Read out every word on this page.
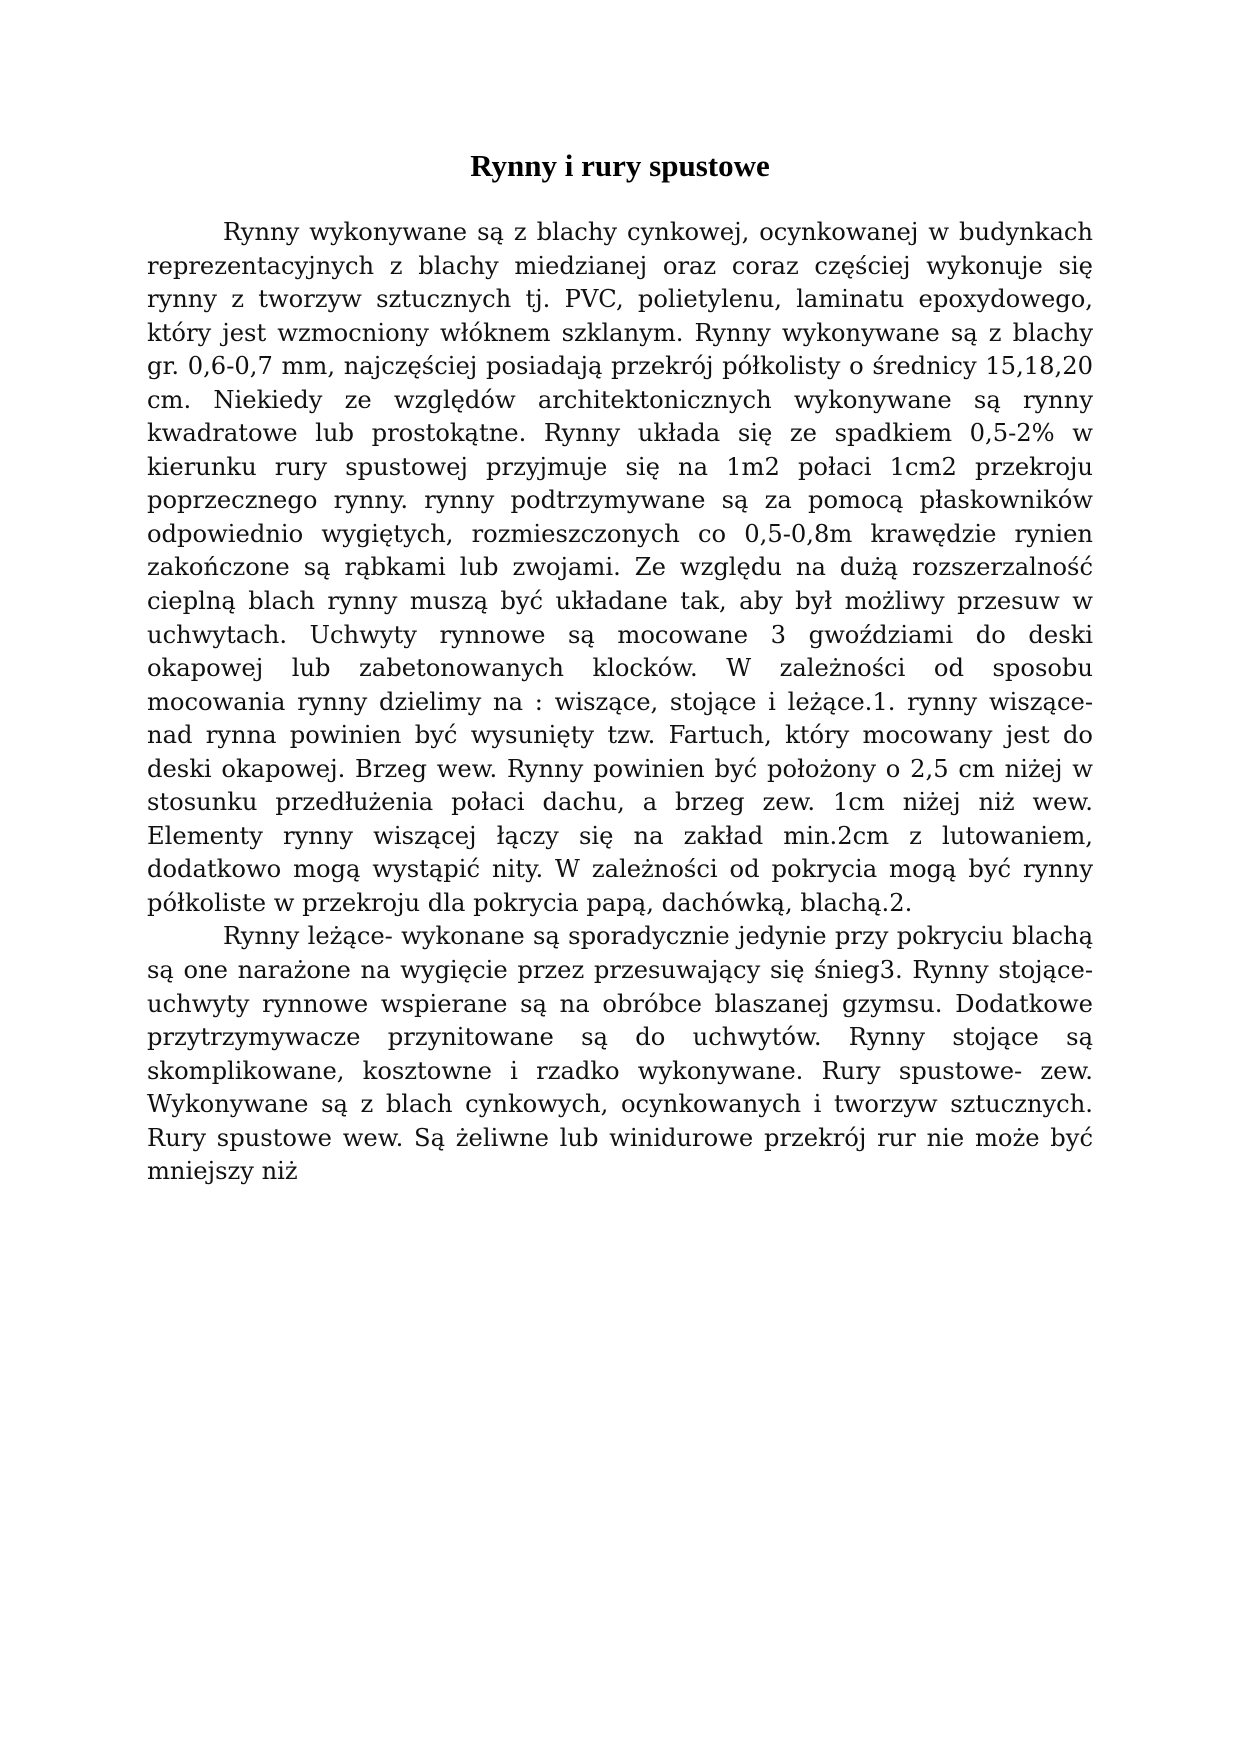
Rynny i rury spustowe

Rynny wykonywane są z blachy cynkowej, ocynkowanej w budynkach reprezentacyjnych z blachy miedzianej oraz coraz częściej wykonuje się rynny z tworzyw sztucznych tj. PVC, polietylenu, laminatu epoxydowego, który jest wzmocniony włóknem szklanym. Rynny wykonywane są z blachy gr. 0,6-0,7 mm, najczęściej posiadają przekrój półkolisty o średnicy 15,18,20 cm. Niekiedy ze względów architektonicznych wykonywane są rynny kwadratowe lub prostokątne. Rynny układa się ze spadkiem 0,5-2% w kierunku rury spustowej przyjmuje się na 1m2 połaci 1cm2 przekroju poprzecznego rynny. rynny podtrzymywane są za pomocą płaskowników odpowiednio wygiętych, rozmieszczonych co 0,5-0,8m krawędzie rynien zakończone są rąbkami lub zwojami. Ze względu na dużą rozszerzalność cieplną blach rynny muszą być układane tak, aby był możliwy przesuw w uchwytach. Uchwyty rynnowe są mocowane 3 gwoździami do deski okapowej lub zabetonowanych klocków. W zależności od sposobu mocowania rynny dzielimy na : wiszące, stojące i leżące.1. rynny wiszące- nad rynna powinien być wysunięty tzw. Fartuch, który mocowany jest do deski okapowej. Brzeg wew. Rynny powinien być położony o 2,5 cm niżej w stosunku przedłużenia połaci dachu, a brzeg zew. 1cm niżej niż wew. Elementy rynny wiszącej łączy się na zakład min.2cm z lutowaniem, dodatkowo mogą wystąpić nity. W zależności od pokrycia mogą być rynny półkoliste w przekroju dla pokrycia papą, dachówką, blachą.2.

Rynny leżące- wykonane są sporadycznie jedynie przy pokryciu blachą są one narażone na wygięcie przez przesuwający się śnieg3. Rynny stojące- uchwyty rynnowe wspierane są na obróbce blaszanej gzymsu. Dodatkowe przytrzymywacze przynitowane są do uchwytów. Rynny stojące są skomplikowane, kosztowne i rzadko wykonywane. Rury spustowe- zew. Wykonywane są z blach cynkowych, ocynkowanych i tworzyw sztucznych. Rury spustowe wew. Są żeliwne lub winidurowe przekrój rur nie może być mniejszy niż
